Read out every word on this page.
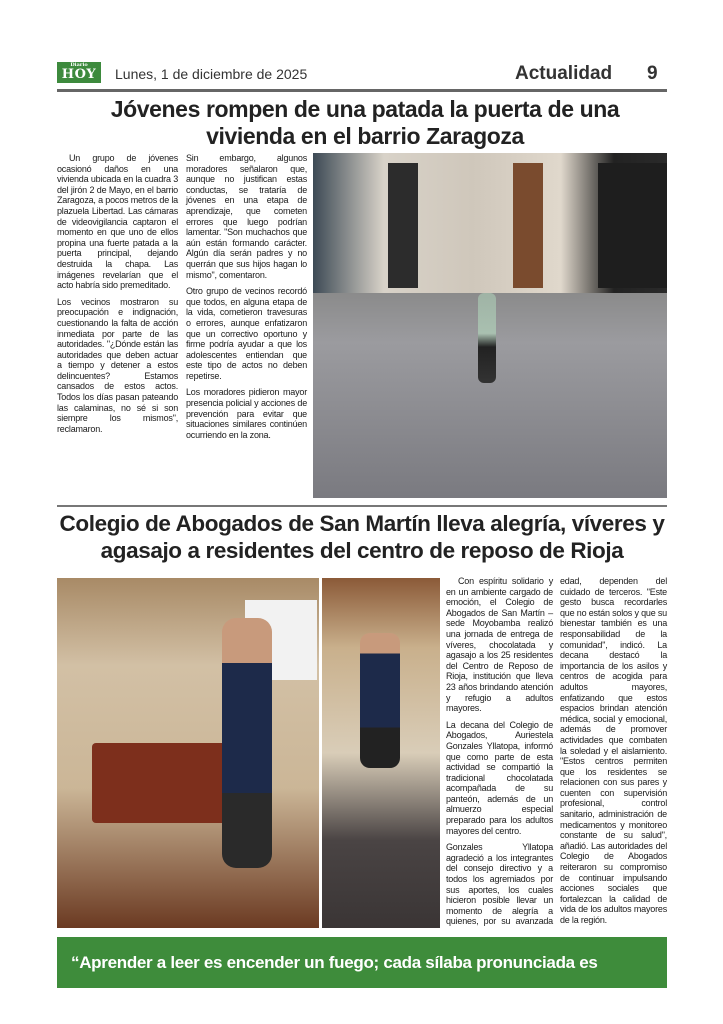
Diario
HOY	Lunes, 1 de diciembre de 2025	Actualidad 9
Jóvenes rompen de una patada la puerta de una vivienda en el barrio Zaragoza

Un grupo de jóvenes ocasionó daños en una vivienda ubicada en la cuadra 3 del jirón 2 de Mayo, en el barrio Zaragoza, a pocos metros de la plazuela Libertad. Las cámaras de videovigilancia captaron el momento en que uno de ellos propina una fuerte patada a la puerta principal, dejando destruida la chapa. Las imágenes revelarían que el acto habría sido premeditado.

Los vecinos mostraron su preocupación e indignación, cuestionando la falta de acción inmediata por parte de las autoridades. "¿Dónde están las autoridades que deben actuar a tiempo y detener a estos delincuentes? Estamos cansados de estos actos. Todos los días pasan pateando las calaminas, no sé si son siempre los mismos", reclamaron.

Sin embargo, algunos moradores señalaron que, aunque no justifican estas conductas, se trataría de jóvenes en una etapa de aprendizaje, que cometen errores que luego podrían lamentar. "Son muchachos que aún están formando carácter. Algún día serán padres y no querrán que sus hijos hagan lo mismo", comentaron.

Otro grupo de vecinos recordó que todos, en alguna etapa de la vida, cometieron travesuras o errores, aunque enfatizaron que un correctivo oportuno y firme podría ayudar a que los adolescentes entiendan que este tipo de actos no deben repetirse.

Los moradores pidieron mayor presencia policial y acciones de prevención para evitar que situaciones similares continúen ocurriendo en la zona.

Colegio de Abogados de San Martín lleva alegría, víveres y agasajo a residentes del centro de reposo de Rioja

Con espíritu solidario y en un ambiente cargado de emoción, el Colegio de Abogados de San Martín – sede Moyobamba realizó una jornada de entrega de víveres, chocolatada y agasajo a los 25 residentes del Centro de Reposo de Rioja, institución que lleva 23 años brindando atención y refugio a adultos mayores.

La decana del Colegio de Abogados, Auriestela Gonzales Yllatopa, informó que como parte de esta actividad se compartió la tradicional chocolatada acompañada de su panteón, además de un almuerzo especial preparado para los adultos mayores del centro.

Gonzales Yllatopa agradeció a los integrantes del consejo directivo y a todos los agremiados por sus aportes, los cuales hicieron posible llevar un momento de alegría a quienes, por su avanzada edad, dependen del cuidado de terceros. "Este gesto busca recordarles que no están solos y que su bienestar también es una responsabilidad de la comunidad", indicó. La decana destacó la importancia de los asilos y centros de acogida para adultos mayores, enfatizando que estos espacios brindan atención médica, social y emocional, además de promover actividades que combaten la soledad y el aislamiento. "Estos centros permiten que los residentes se relacionen con sus pares y cuenten con supervisión profesional, control sanitario, administración de medicamentos y monitoreo constante de su salud", añadió. Las autoridades del Colegio de Abogados reiteraron su compromiso de continuar impulsando acciones sociales que fortalezcan la calidad de vida de los adultos mayores de la región.

“Aprender a leer es encender un fuego; cada sílaba pronunciada es
